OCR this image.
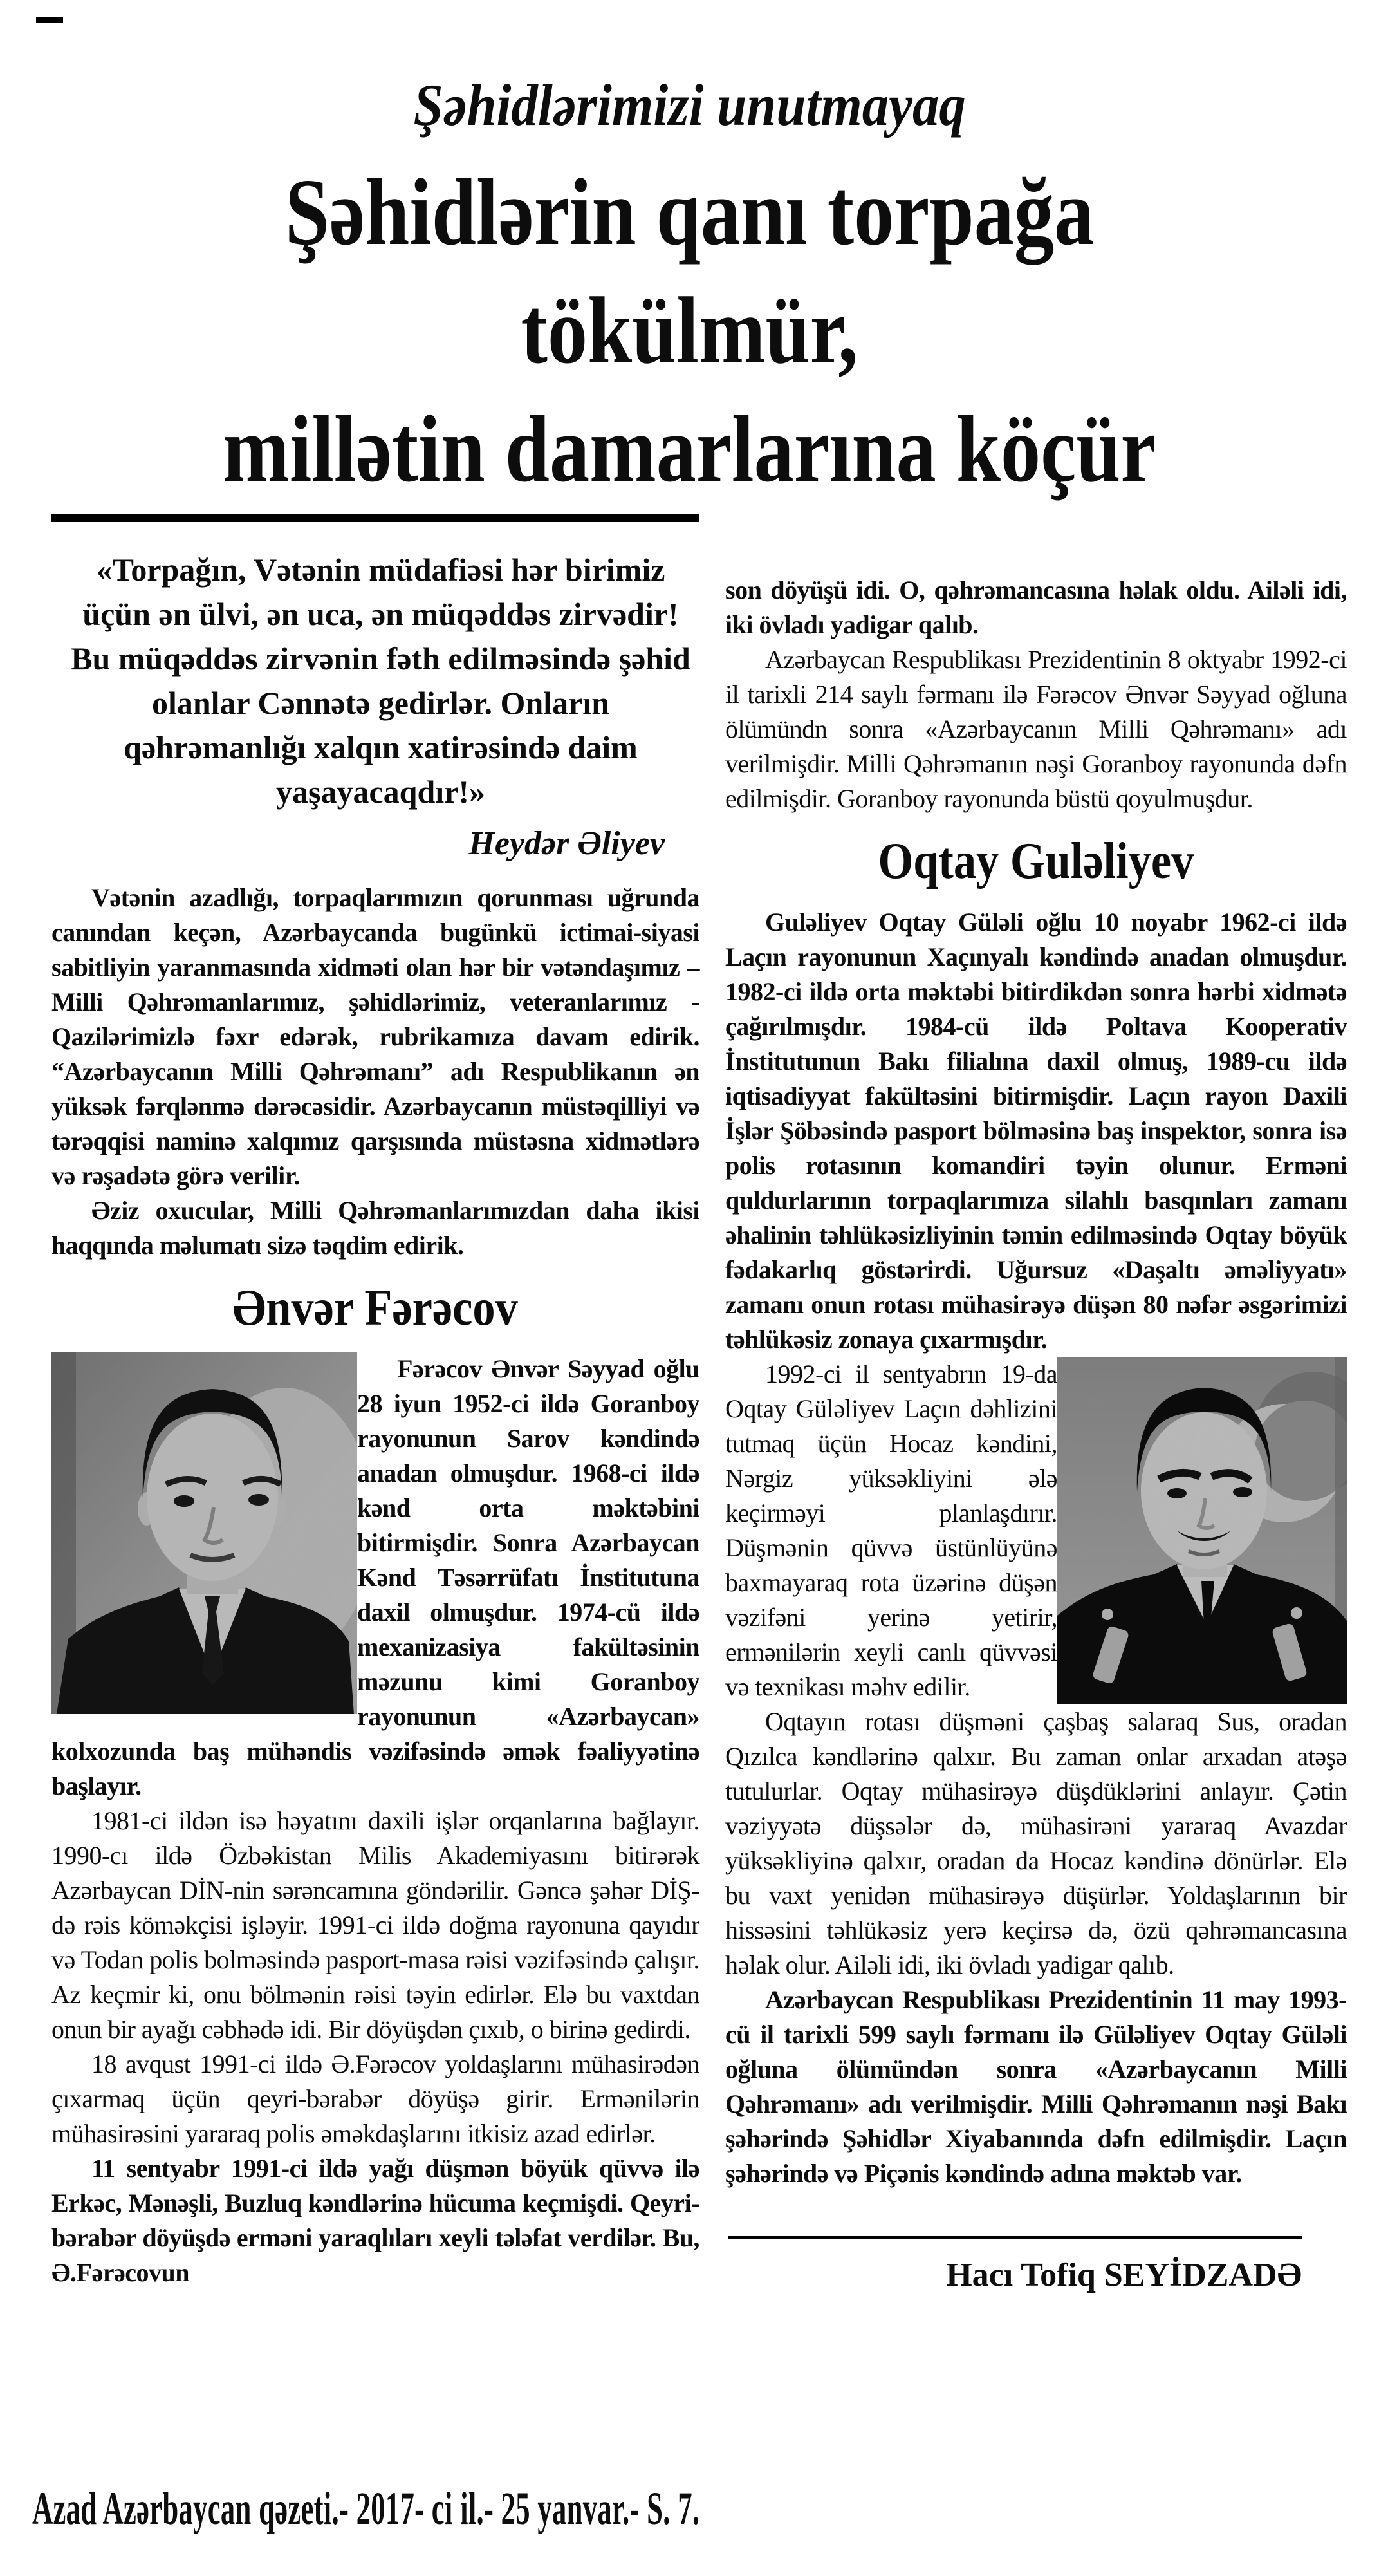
Şəhidlərimizi unutmayaq
Şəhidlərin qanı torpağa tökülmür,
millətin damarlarına köçür

«Torpağın, Vətənin müdafiəsi hər birimiz üçün ən ülvi, ən uca, ən müqəddəs zirvədir! Bu müqəddəs zirvənin fəth edilməsində şəhid olanlar Cənnətə gedirlər. Onların qəhrəmanlığı xalqın xatirəsində daim yaşayacaqdır!»

Heydər Əliyev

Vətənin azadlığı, torpaqlarımızın qorunması uğrunda canından keçən, Azərbaycanda bugünkü ictimai-siyasi sabitliyin yaranmasında xidməti olan hər bir vətəndaşımız – Milli Qəhrəmanlarımız, şəhidlərimiz, veteranlarımız - Qazilərimizlə fəxr edərək, rubrikamıza davam edirik. “Azərbaycanın Milli Qəhrəmanı” adı Respublikanın ən yüksək fərqlənmə dərəcəsidir. Azərbaycanın müstəqilliyi və tərəqqisi naminə xalqımız qarşısında müstəsna xidmətlərə və rəşadətə görə verilir.

Əziz oxucular, Milli Qəhrəmanlarımızdan daha ikisi haqqında məlumatı sizə təqdim edirik.

Ənvər Fərəcov

Fərəcov Ənvər Səyyad oğlu 28 iyun 1952-ci ildə Goranboy rayonunun Sarov kəndində anadan olmuşdur. 1968-ci ildə kənd orta məktəbini bitirmişdir. Sonra Azərbaycan Kənd Təsərrüfatı İnstitutuna daxil olmuşdur. 1974-cü ildə mexanizasiya fakültəsinin məzunu kimi Goranboy rayonunun «Azərbaycan» kolxozunda baş mühəndis vəzifəsində əmək fəaliyyətinə başlayır.

1981-ci ildən isə həyatını daxili işlər orqanlarına bağlayır. 1990-cı ildə Özbəkistan Milis Akademiyasını bitirərək Azərbaycan DİN-nin sərəncamına göndərilir. Gəncə şəhər DİŞ-də rəis köməkçisi işləyir. 1991-ci ildə doğma rayonuna qayıdır və Todan polis bolməsində pasport-masa rəisi vəzifəsində çalışır. Az keçmir ki, onu bölmənin rəisi təyin edirlər. Elə bu vaxtdan onun bir ayağı cəbhədə idi. Bir döyüşdən çıxıb, o birinə gedirdi.

18 avqust 1991-ci ildə Ə.Fərəcov yoldaşlarını mühasirədən çıxarmaq üçün qeyri-bərabər döyüşə girir. Ermənilərin mühasirəsini yararaq polis əməkdaşlarını itkisiz azad edirlər.

11 sentyabr 1991-ci ildə yağı düşmən böyük qüvvə ilə Erkəc, Mənəşli, Buzluq kəndlərinə hücuma keçmişdi. Qeyri-bərabər döyüşdə erməni yaraqlıları xeyli tələfat verdilər. Bu, Ə.Fərəcovun

son döyüşü idi. O, qəhrəmancasına həlak oldu. Ailəli idi, iki övladı yadigar qalıb.

Azərbaycan Respublikası Prezidentinin 8 oktyabr 1992-ci il tarixli 214 saylı fərmanı ilə Fərəcov Ənvər Səyyad oğluna ölümündn sonra «Azərbaycanın Milli Qəhrəmanı» adı verilmişdir. Milli Qəhrəmanın nəşi Goranboy rayonunda dəfn edilmişdir. Goranboy rayonunda büstü qoyulmuşdur.

Oqtay Guləliyev

Guləliyev Oqtay Güləli oğlu 10 noyabr 1962-ci ildə Laçın rayonunun Xaçınyalı kəndində anadan olmuşdur. 1982-ci ildə orta məktəbi bitirdikdən sonra hərbi xidmətə çağırılmışdır. 1984-cü ildə Poltava Kooperativ İnstitutunun Bakı filialına daxil olmuş, 1989-cu ildə iqtisadiyyat fakültəsini bitirmişdir. Laçın rayon Daxili İşlər Şöbəsində pasport bölməsinə baş inspektor, sonra isə polis rotasının komandiri təyin olunur. Erməni quldurlarının torpaqlarımıza silahlı basqınları zamanı əhalinin təhlükəsizliyinin təmin edilməsində Oqtay böyük fədakarlıq göstərirdi. Uğursuz «Daşaltı əməliyyatı» zamanı onun rotası mühasirəyə düşən 80 nəfər əsgərimizi təhlükəsiz zonaya çıxarmışdır.

1992-ci il sentyabrın 19-da Oqtay Güləliyev Laçın dəhlizini tutmaq üçün Hocaz kəndini, Nərgiz yüksəkliyini ələ keçirməyi planlaşdırır. Düşmənin qüvvə üstünlüyünə baxmayaraq rota üzərinə düşən vəzifəni yerinə yetirir, ermənilərin xeyli canlı qüvvəsi və texnikası məhv edilir.

Oqtayın rotası düşməni çaşbaş salaraq Sus, oradan Qızılca kəndlərinə qalxır. Bu zaman onlar arxadan atəşə tutulurlar. Oqtay mühasirəyə düşdüklərini anlayır. Çətin vəziyyətə düşsələr də, mühasirəni yararaq Avazdar yüksəkliyinə qalxır, oradan da Hocaz kəndinə dönürlər. Elə bu vaxt yenidən mühasirəyə düşürlər. Yoldaşlarının bir hissəsini təhlükəsiz yerə keçirsə də, özü qəhrəmancasına həlak olur. Ailəli idi, iki övladı yadigar qalıb.

Azərbaycan Respublikası Prezidentinin 11 may 1993-cü il tarixli 599 saylı fərmanı ilə Güləliyev Oqtay Güləli oğluna ölümündən sonra «Azərbaycanın Milli Qəhrəmanı» adı verilmişdir. Milli Qəhrəmanın nəşi Bakı şəhərində Şəhidlər Xiyabanında dəfn edilmişdir. Laçın şəhərində və Piçənis kəndində adına məktəb var.

Hacı Tofiq SEYİDZADƏ

Azad Azərbaycan qəzeti.- 2017- ci il.- 25 yanvar.- S. 7.
